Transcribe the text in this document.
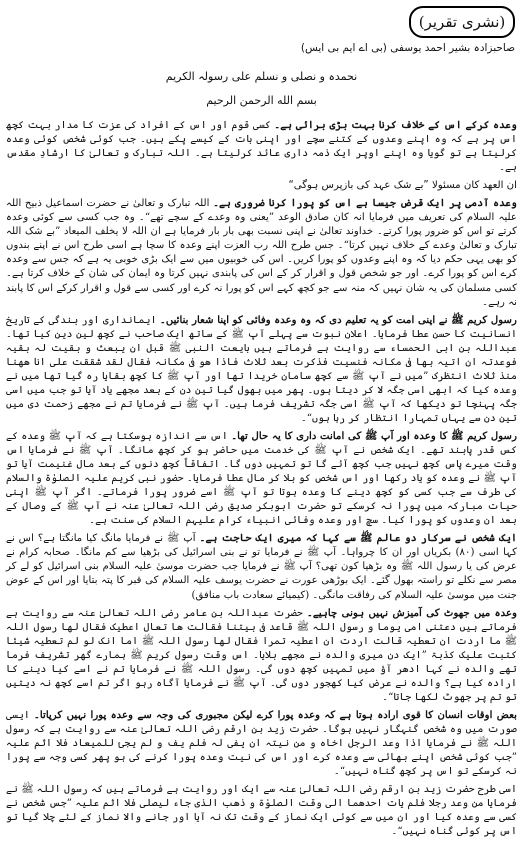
(نشری تقریر)
صاحبزادہ بشیر احمد یوسفی (بی اے ایم بی ایس)
نحمدہ و نصلی و نسلم علی رسولہ الکریم
بسم الله الرحمن الرحیم

وعدہ کرکے اس کے خلاف کرنا بہت بڑی برائی ہے۔ کسی قوم اور اس کے افراد کی عزت کا مدار بہت کچھ اس پر ہے کہ وہ اپنے وعدوں کے کتنے سچے اور اپنی بات کے کیسے پکے ہیں۔ جب کوئی شخص کوئی وعدہ کرلیتا ہے تو گویا وہ اپنے اوپر ایک ذمہ داری عائد کرلیتا ہے۔ اللہ تبارک و تعالیٰ کا ارشادِ مقدس ہے۔

ان العھد کان مسئولا ”بے شک عہد کی بازپرس ہوگی“

وعدہ آدمی پر ایک قرض جیسا ہے اس کو پورا کرنا ضروری ہے۔ اللہ تبارک و تعالیٰ نے حضرت اسماعیل ذبیح اللہ علیہ السلام کی تعریف میں فرمایا انہ کان صادق الوعد ”یعنی وہ وعدے کے سچے تھے“۔ وہ جب کسی سے کوئی وعدہ کرتے تو اس کو ضرور پورا کرتے۔ خداوند تعالیٰ نے اپنی نسبت بھی بار بار فرمایا ہے ان اللہ لا یخلف المیعاد ”بے شک اللہ تبارک و تعالیٰ وعدے کے خلاف نہیں کرتا“۔ جس طرح اللہ رب العزت اپنے وعدہ کا سچا ہے اسی طرح اس نے اپنے بندوں کو بھی یہی حکم دیا کہ وہ اپنے وعدوں کو پورا کریں۔ اس کی خوبیوں میں سے ایک بڑی خوبی یہ ہے کہ جس سے وعدہ کرے اس کو پورا کرے۔ اور جو شخص قول و اقرار کر کے اس کی پابندی نہیں کرتا وہ ایمان کی شان کے خلاف کرتا ہے۔ کسی مسلمان کی یہ شان نہیں کہ منہ سے جو کچھ کہے اس کو پورا نہ کرے اور کسی سے قول و اقرار کرکے اس کا پابند نہ رہے۔

رسول کریم ﷺ نے اپنی امت کو یہ تعلیم دی کہ وہ وعدہ وفائی کو اپنا شعار بنائیں۔ ایمانداری اور بندگی کے تاریخ انسانیت کا حسن عطا فرمایا۔ اعلان نبوت سے پہلے آپ ﷺ کے ساتھ ایک صاحب نے کچھ لین دین کیا تھا۔ عبداللہ بن ابی الحمساء سے روایت ہے فرماتے ہیں بایعت النبی ﷺ قبل ان یبعث و بقیت لہ بقیہ فوعدتہ ان اتیہ بھا فی مکانہ فنسیت فذکرت بعد ثلاث فاذا ھو فی مکانہ فقال لقد شققت علی انا ھھنا منذ ثلاث انتظرک ”میں نے آپ ﷺ سے کچھ سامان خریدا تھا اور آپ ﷺ کا کچھ بقایا رہ گیا تھا میں نے وعدہ کیا کہ ابھی اسی جگہ لا کر دیتا ہوں۔ پھر میں بھول گیا تین دن کے بعد مجھے یاد آیا تو جب میں اسی جگہ پہنچا تو دیکھا کہ آپ ﷺ اسی جگہ تشریف فرما ہیں۔ آپ ﷺ نے فرمایا تم نے مجھے زحمت دی میں تین دن سے یہاں تمہارا انتظار کر رہا ہوں“۔

رسول کریم ﷺ کا وعدہ اور آپ ﷺ کی امانت داری کا یہ حال تھا۔ اس سے اندازہ ہوسکتا ہے کہ آپ ﷺ وعدہ کے کس قدر پابند تھے۔ ایک شخص نے آپ ﷺ کی خدمت میں حاضر ہو کر کچھ مانگا۔ آپ ﷺ نے فرمایا اس وقت میرے پاس کچھ نہیں جب کچھ آئے گا تو تمہیں دوں گا۔ اتفاقاً کچھ دنوں کے بعد مال غنیمت آیا تو آپ ﷺ نے وعدہ کو یاد رکھا اور اس شخص کو بلا کر مال عطا فرمایا۔ حضور نبی کریم علیہ الصلوٰۃ والسلام کی طرف سے جب کسی کو کچھ دینے کا وعدہ ہوتا تو آپ ﷺ اسے ضرور پورا فرماتے۔ اگر آپ ﷺ اپنی حیات مبارکہ میں پورا نہ کرسکے تو حضرت ابوبکر صدیق رضی اللہ تعالیٰ عنہ نے آپ ﷺ کے وصال کے بعد ان وعدوں کو پورا کیا۔ سچ اور وعدہ وفائی انبیاء کرام علیہم السلام کی سنت ہے۔

ایک شخص نے سرکار دو عالم ﷺ سے کہا کہ میری ایک حاجت ہے۔ آپ ﷺ نے فرمایا مانگ کیا مانگتا ہے؟ اس نے کہا اسی (۸۰) بکریاں اور ان کا چرواہا۔ آپ ﷺ نے فرمایا تو نے بنی اسرائیل کی بڑھیا سے کم مانگا۔ صحابہ کرام نے عرض کی یا رسول اللہ ﷺ وہ بڑھیا کون تھی؟ آپ ﷺ نے فرمایا جب حضرت موسیٰ علیہ السلام بنی اسرائیل کو لے کر مصر سے نکلے تو راستہ بھول گئے۔ ایک بوڑھی عورت نے حضرت یوسف علیہ السلام کی قبر کا پتہ بتایا اور اس کے عوض جنت میں موسیٰ علیہ السلام کی رفاقت مانگی۔ (کیمیائے سعادت باب منافق)

وعدہ میں جھوٹ کی آمیزش نہیں ہونی چاہیے۔ حضرت عبداللہ بن عامر رضی اللہ تعالیٰ عنہ سے روایت ہے فرماتے ہیں دعتنی امی یوما و رسول اللہ ﷺ قاعد فی بیتنا فقالت ھا تعال اعطیک فقال لھا رسول اللہ ﷺ ما اردت ان تعطیہ قالت اردت ان اعطیہ تمرا فقال لھا رسول اللہ ﷺ اما انک لو لم تعطیہ شیئا کتبت علیک کذبۃ ”ایک دن میری والدہ نے مجھے بلایا۔ اس وقت رسول کریم ﷺ ہمارے گھر تشریف فرما تھے والدہ نے کہا ادھر آؤ میں تمہیں کچھ دوں گی۔ رسول اللہ ﷺ نے فرمایا تم نے اسے کیا دینے کا ارادہ کیا ہے؟ والدہ نے عرض کیا کھجور دوں گی۔ آپ ﷺ نے فرمایا آگاہ رہو اگر تم اسے کچھ نہ دیتیں تو تم پر جھوٹ لکھا جاتا“۔

بعض اوقات انسان کا قوی ارادہ ہوتا ہے کہ وعدہ پورا کرے لیکن مجبوری کی وجہ سے وعدہ پورا نہیں کرپاتا۔ ایسی صورت میں وہ شخص گنہگار نہیں ہوگا۔ حضرت زید بن ارقم رضی اللہ تعالیٰ عنہ سے روایت ہے کہ رسول اللہ ﷺ نے فرمایا اذا وعد الرجل اخاہ و من نیتہ ان یفی لہ فلم یف و لم یجئ للمیعاد فلا اثم علیہ ”جب کوئی شخص اپنے بھائی سے وعدہ کرے اور اس کی نیت وعدہ پورا کرنے کی ہو پھر کسی وجہ سے پورا نہ کرسکے تو اس پر کچھ گناہ نہیں“۔

اسی طرح حضرت زید بن ارقم رضی اللہ تعالیٰ عنہ سے ایک اور روایت ہے فرماتے ہیں کہ رسول اللہ ﷺ نے فرمایا من وعد رجلا فلم یات احدھما الی وقت الصلوٰۃ و ذھب الذی جاء لیصلی فلا اثم علیہ ”جس شخص نے کسی سے وعدہ کیا اور ان میں سے کوئی ایک نماز کے وقت تک نہ آیا اور جانے والا نماز کے لئے چلا گیا تو اس پر کوئی گناہ نہیں“۔
